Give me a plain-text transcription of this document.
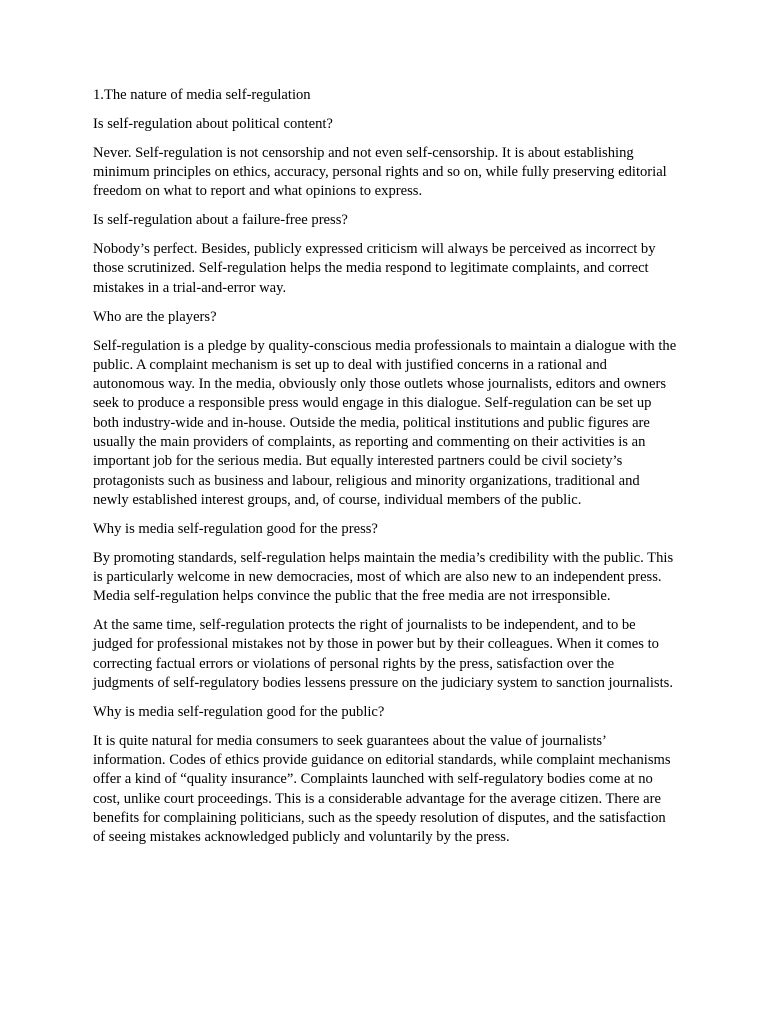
1.The nature of media self-regulation

Is self-regulation about political content?

Never. Self-regulation is not censorship and not even self-censorship. It is about establishing minimum principles on ethics, accuracy, personal rights and so on, while fully preserving editorial freedom on what to report and what opinions to express.

Is self-regulation about a failure-free press?

Nobody’s perfect. Besides, publicly expressed criticism will always be perceived as incorrect by those scrutinized. Self-regulation helps the media respond to legitimate complaints, and correct mistakes in a trial-and-error way.

Who are the players?

Self-regulation is a pledge by quality-conscious media professionals to maintain a dialogue with the public. A complaint mechanism is set up to deal with justified concerns in a rational and autonomous way. In the media, obviously only those outlets whose journalists, editors and owners seek to produce a responsible press would engage in this dialogue. Self-regulation can be set up both industry-wide and in-house. Outside the media, political institutions and public figures are usually the main providers of complaints, as reporting and commenting on their activities is an important job for the serious media. But equally interested partners could be civil society’s protagonists such as business and labour, religious and minority organizations, traditional and newly established interest groups, and, of course, individual members of the public.

Why is media self-regulation good for the press?

By promoting standards, self-regulation helps maintain the media’s credibility with the public. This is particularly welcome in new democracies, most of which are also new to an independent press. Media self-regulation helps convince the public that the free media are not irresponsible.

At the same time, self-regulation protects the right of journalists to be independent, and to be judged for professional mistakes not by those in power but by their colleagues. When it comes to correcting factual errors or violations of personal rights by the press, satisfaction over the judgments of self-regulatory bodies lessens pressure on the judiciary system to sanction journalists.

Why is media self-regulation good for the public?

It is quite natural for media consumers to seek guarantees about the value of journalists’ information. Codes of ethics provide guidance on editorial standards, while complaint mechanisms offer a kind of “quality insurance”. Complaints launched with self-regulatory bodies come at no cost, unlike court proceedings. This is a considerable advantage for the average citizen. There are benefits for complaining politicians, such as the speedy resolution of disputes, and the satisfaction of seeing mistakes acknowledged publicly and voluntarily by the press.
